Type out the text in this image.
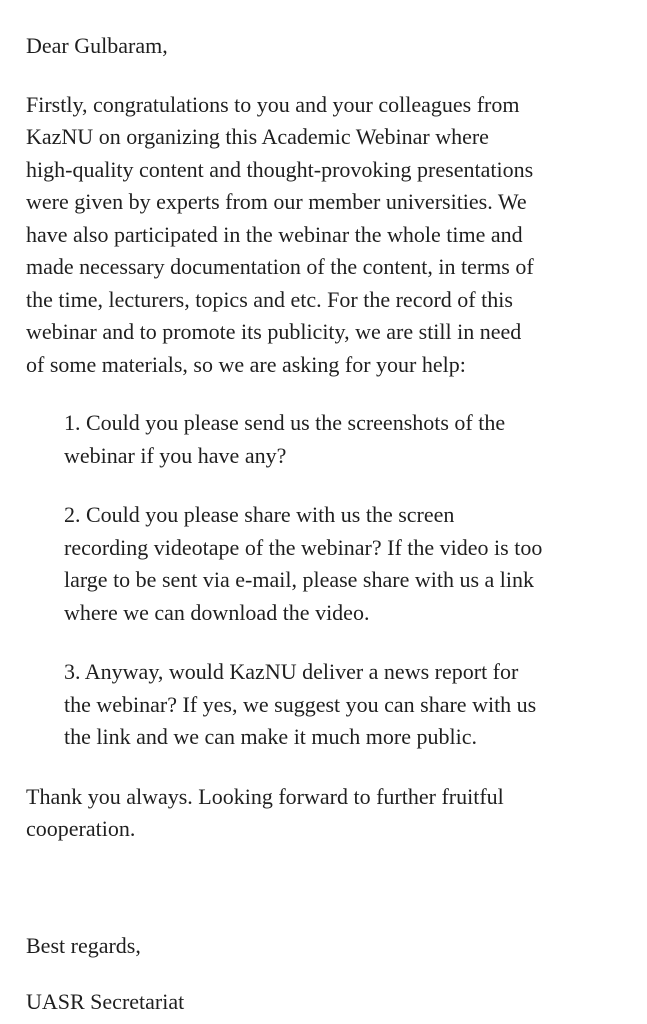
Dear Gulbaram,

Firstly, congratulations to you and your colleagues from
KazNU on organizing this Academic Webinar where
high-quality content and thought-provoking presentations
were given by experts from our member universities. We
have also participated in the webinar the whole time and
made necessary documentation of the content, in terms of
the time, lecturers, topics and etc. For the record of this
webinar and to promote its publicity, we are still in need
of some materials, so we are asking for your help:

1. Could you please send us the screenshots of the
webinar if you have any?
2. Could you please share with us the screen
recording videotape of the webinar? If the video is too
large to be sent via e-mail, please share with us a link
where we can download the video.
3. Anyway, would KazNU deliver a news report for
the webinar? If yes, we suggest you can share with us
the link and we can make it much more public.

Thank you always. Looking forward to further fruitful
cooperation.

Best regards,

UASR Secretariat
